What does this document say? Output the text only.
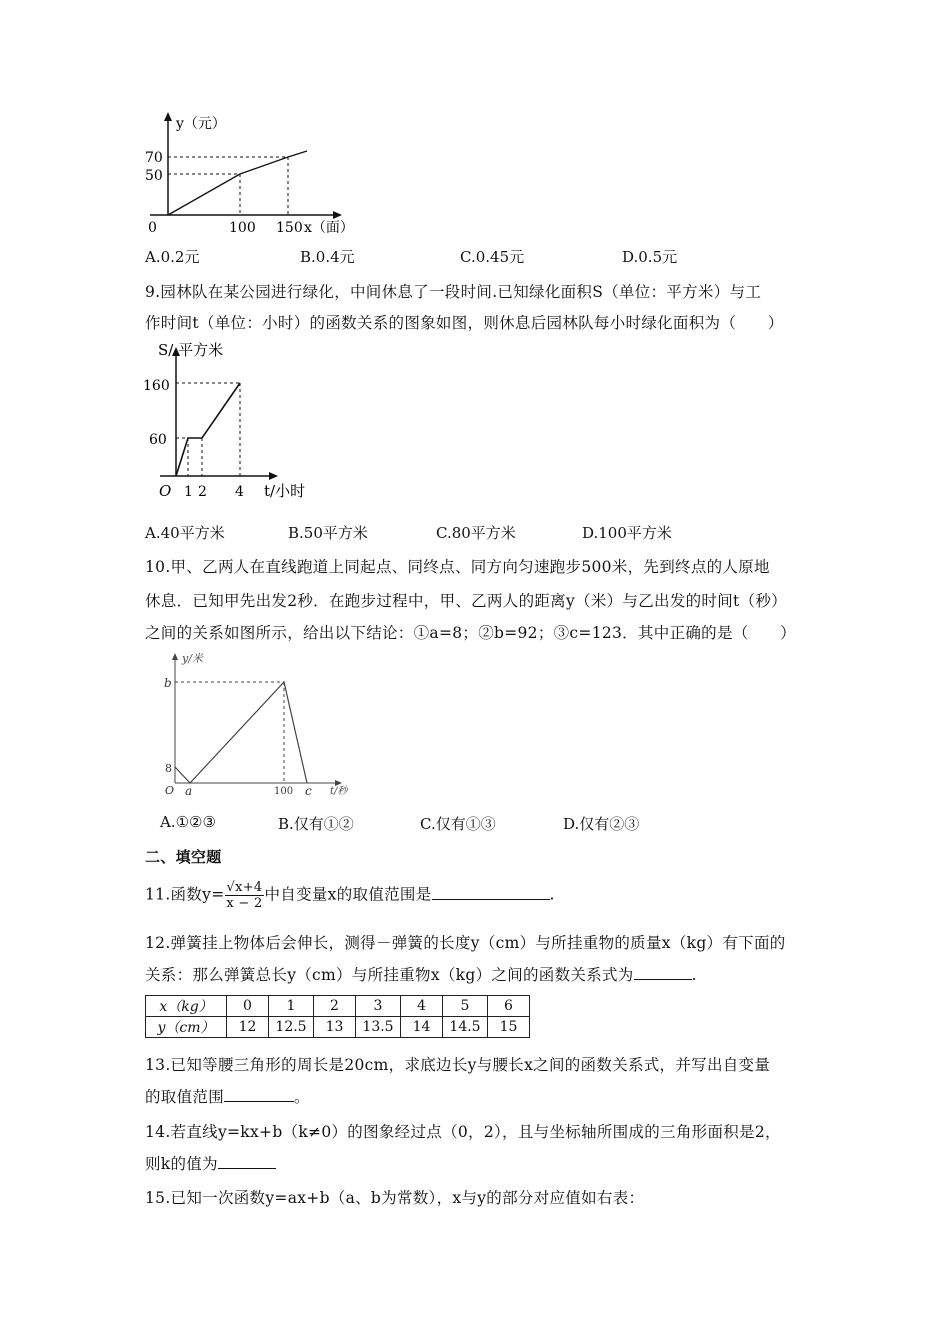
y（元）
70
50
0	100 150 x（面）
A.0.2元	B.0.4元	C.0.45元	D.0.5元
9.园林队在某公园进行绿化，中间休息了一段时间.已知绿化面积S（单位：平方米）与工
作时间t（单位：小时）的函数关系的图象如图，则休息后园林队每小时绿化面积为（　　）
S/ 平方米
160
60
O 1 2 4 t/小时
A.40平方米	B.50平方米	C.80平方米	D.100平方米
10.甲、乙两人在直线跑道上同起点、同终点、同方向匀速跑步500米，先到终点的人原地
休息．已知甲先出发2秒．在跑步过程中，甲、乙两人的距离y（米）与乙出发的时间t（秒）
之间的关系如图所示，给出以下结论：①a=8；②b=92；③c=123．其中正确的是（　　）
y/米
b
8
O a	100 c t/秒
A.①②③	B.仅有①②	C.仅有①③	D.仅有②③
二、填空题
11.函数$y= \frac{√x+4}{x - 2}$ 中自变量x的取值范围是	.
12.弹簧挂上物体后会伸长，测得－弹簧的长度y（cm）与所挂重物的质量x（kg）有下面的
关系：那么弹簧总长y（cm）与所挂重物x（kg）之间的函数关系式为	.
x（kg）	0	1	2	3	4	5	6
y（cm）	12	12.5	13	13.5	14	14.5	15
13.已知等腰三角形的周长是20cm，求底边长y与腰长x之间的函数关系式，并写出自变量
的取值范围	。
14.若直线y=kx+b（k≠0）的图象经过点（0，2），且与坐标轴所围成的三角形面积是2，
则k的值为
15.已知一次函数y=ax+b（a、b为常数），x与y的部分对应值如右表：
